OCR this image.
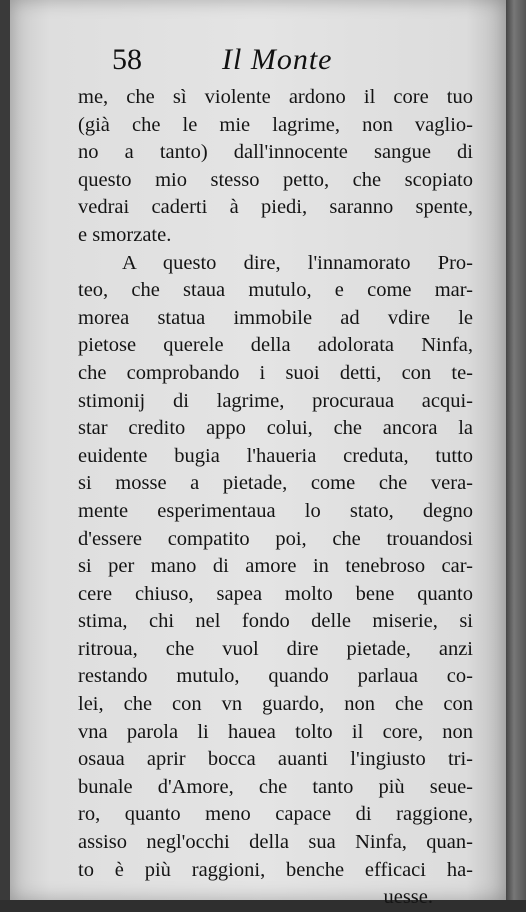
58	Il Monte
me, che sì violente ardono il core tuo
(già che le mie lagrime, non vaglio-
no a tanto) dall'innocente sangue di
questo mio stesso petto, che scopiato
vedrai caderti à piedi, saranno spente,
e smorzate.
A questo dire, l'innamorato Pro-
teo, che staua mutulo, e come mar-
morea statua immobile ad vdire le
pietose querele della adolorata Ninfa,
che comprobando i suoi detti, con te-
stimonij di lagrime, procuraua acqui-
star credito appo colui, che ancora la
euidente bugia l'haueria creduta, tutto
si mosse a pietade, come che vera-
mente esperimentaua lo stato, degno
d'essere compatito poi, che trouandosi
si per mano di amore in tenebroso car-
cere chiuso, sapea molto bene quanto
stima, chi nel fondo delle miserie, si
ritroua, che vuol dire pietade, anzi
restando mutulo, quando parlaua co-
lei, che con vn guardo, non che con
vna parola li hauea tolto il core, non
osaua aprir bocca auanti l'ingiusto tri-
bunale d'Amore, che tanto più seue-
ro, quanto meno capace di raggione,
assiso negl'occhi della sua Ninfa, quan-
to è più raggioni, benche efficaci ha-
uesse.
